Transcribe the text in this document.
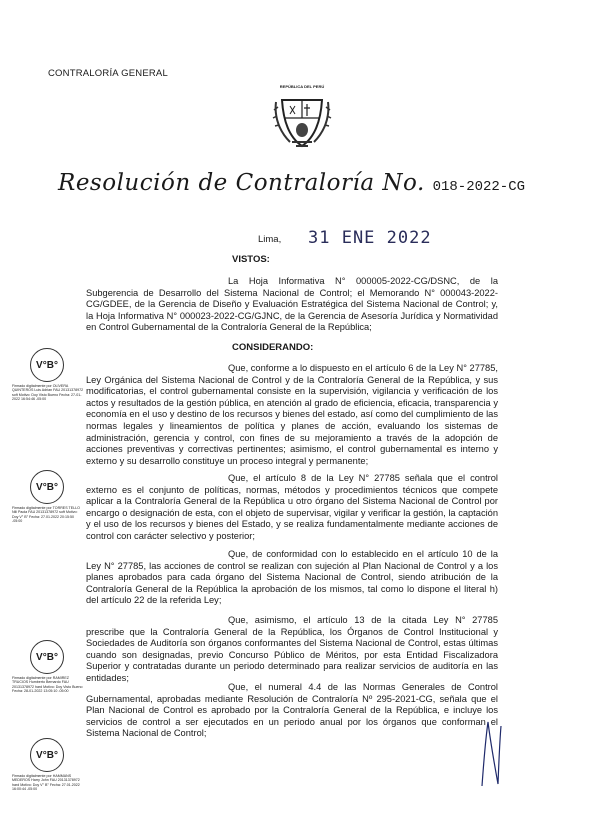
CONTRALORÍA GENERAL
REPÚBLICA DEL PERÚ
Resolución de Contraloría No. 018-2022-CG
Lima, 31 ENE 2022
VISTOS:
La Hoja Informativa N° 000005-2022-CG/DSNC, de la Subgerencia de Desarrollo del Sistema Nacional de Control; el Memorando N° 000043-2022-CG/GDEE, de la Gerencia de Diseño y Evaluación Estratégica del Sistema Nacional de Control; y, la Hoja Informativa N° 000023-2022-CG/GJNC, de la Gerencia de Asesoría Jurídica y Normatividad en Control Gubernamental de la Contraloría General de la República;
CONSIDERANDO:
Que, conforme a lo dispuesto en el artículo 6 de la Ley N° 27785, Ley Orgánica del Sistema Nacional de Control y de la Contraloría General de la República, y sus modificatorias, el control gubernamental consiste en la supervisión, vigilancia y verificación de los actos y resultados de la gestión pública, en atención al grado de eficiencia, eficacia, transparencia y economía en el uso y destino de los recursos y bienes del estado, así como del cumplimiento de las normas legales y lineamientos de política y planes de acción, evaluando los sistemas de administración, gerencia y control, con fines de su mejoramiento a través de la adopción de acciones preventivas y correctivas pertinentes; asimismo, el control gubernamental es interno y externo y su desarrollo constituye un proceso integral y permanente;
Que, el artículo 8 de la Ley N° 27785 señala que el control externo es el conjunto de políticas, normas, métodos y procedimientos técnicos que compete aplicar a la Contraloría General de la República u otro órgano del Sistema Nacional de Control por encargo o designación de esta, con el objeto de supervisar, vigilar y verificar la gestión, la captación y el uso de los recursos y bienes del Estado, y se realiza fundamentalmente mediante acciones de control con carácter selectivo y posterior;
Que, de conformidad con lo establecido en el artículo 10 de la Ley N° 27785, las acciones de control se realizan con sujeción al Plan Nacional de Control y a los planes aprobados para cada órgano del Sistema Nacional de Control, siendo atribución de la Contraloría General de la República la aprobación de los mismos, tal como lo dispone el literal h) del artículo 22 de la referida Ley;
Que, asimismo, el artículo 13 de la citada Ley N° 27785 prescribe que la Contraloría General de la República, los Órganos de Control Institucional y Sociedades de Auditoría son órganos conformantes del Sistema Nacional de Control, estas últimas cuando son designadas, previo Concurso Público de Méritos, por esta Entidad Fiscalizadora Superior y contratadas durante un periodo determinado para realizar servicios de auditoría en las entidades;
Que, el numeral 4.4 de las Normas Generales de Control Gubernamental, aprobadas mediante Resolución de Contraloría Nº 295-2021-CG, señala que el Plan Nacional de Control es aprobado por la Contraloría General de la República, e incluye los servicios de control a ser ejecutados en un periodo anual por los órganos que conforman el Sistema Nacional de Control;
V°B°
Firmado digitalmente por OLIVERA QUINTEROS Luis Adrian FAU 20131378972 soft Motivo: Doy Visto Bueno Fecha: 27-01-2022 16:54:46 -05:00
V°B°
Firmado digitalmente por TORRES TELLO Nili Paola FAU 20131378972 soft Motivo: Doy V° B° Fecha: 27.01.2022 20:15:50 -05:00
V°B°
Firmado digitalmente por RAMIREZ TRUCIOS Humberto Bernardo FAU 20131378972 hard Motivo: Doy Visto Bueno Fecha: 28-01-2022 13:05:10 -05:00
V°B°
Firmado digitalmente por HAMMANS MEDEROS Harry John FAU 20131378972 hard Motivo: Doy V° B° Fecha: 27.01.2022 16:00:44 -05:00
